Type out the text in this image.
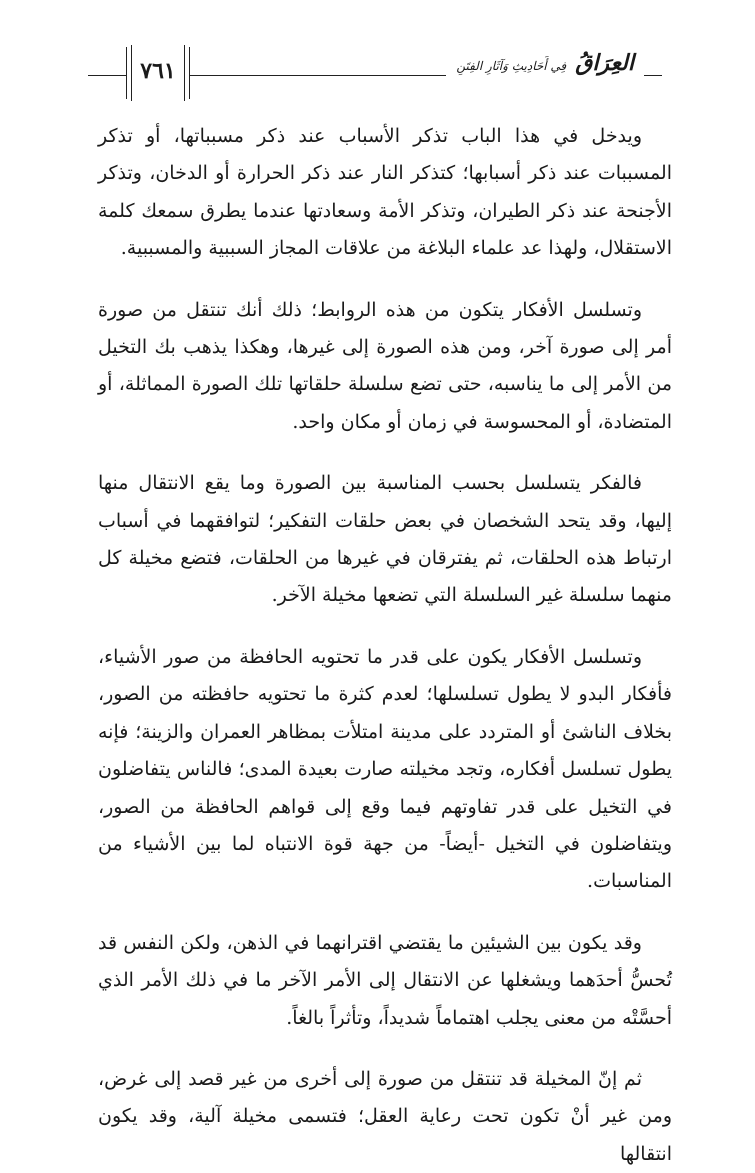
٧٦١	العِرَاقُ فِي أَحَادِيثِ وَآثَارِ الفِتَنِ

ويدخل في هذا الباب تذكر الأسباب عند ذكر مسبباتها، أو تذكر المسببات عند ذكر أسبابها؛ كتذكر النار عند ذكر الحرارة أو الدخان، وتذكر الأجنحة عند ذكر الطيران، وتذكر الأمة وسعادتها عندما يطرق سمعك كلمة الاستقلال، ولهذا عد علماء البلاغة من علاقات المجاز السببية والمسببية.

وتسلسل الأفكار يتكون من هذه الروابط؛ ذلك أنك تنتقل من صورة أمر إلى صورة آخر، ومن هذه الصورة إلى غيرها، وهكذا يذهب بك التخيل من الأمر إلى ما يناسبه، حتى تضع سلسلة حلقاتها تلك الصورة المماثلة، أو المتضادة، أو المحسوسة في زمان أو مكان واحد.

فالفكر يتسلسل بحسب المناسبة بين الصورة وما يقع الانتقال منها إليها، وقد يتحد الشخصان في بعض حلقات التفكير؛ لتوافقهما في أسباب ارتباط هذه الحلقات، ثم يفترقان في غيرها من الحلقات، فتضع مخيلة كل منهما سلسلة غير السلسلة التي تضعها مخيلة الآخر.

وتسلسل الأفكار يكون على قدر ما تحتويه الحافظة من صور الأشياء، فأفكار البدو لا يطول تسلسلها؛ لعدم كثرة ما تحتويه حافظته من الصور، بخلاف الناشئ أو المتردد على مدينة امتلأت بمظاهر العمران والزينة؛ فإنه يطول تسلسل أفكاره، وتجد مخيلته صارت بعيدة المدى؛ فالناس يتفاضلون في التخيل على قدر تفاوتهم فيما وقع إلى قواهم الحافظة من الصور، ويتفاضلون في التخيل -أيضاً- من جهة قوة الانتباه لما بين الأشياء من المناسبات.

وقد يكون بين الشيئين ما يقتضي اقترانهما في الذهن، ولكن النفس قد تُحسُّ أحدَهما ويشغلها عن الانتقال إلى الأمر الآخر ما في ذلك الأمر الذي أحسَّتْه من معنى يجلب اهتماماً شديداً، وتأثراً بالغاً.

ثم إنّ المخيلة قد تنتقل من صورة إلى أخرى من غير قصد إلى غرض، ومن غير أنْ تكون تحت رعاية العقل؛ فتسمى مخيلة آلية، وقد يكون انتقالها
